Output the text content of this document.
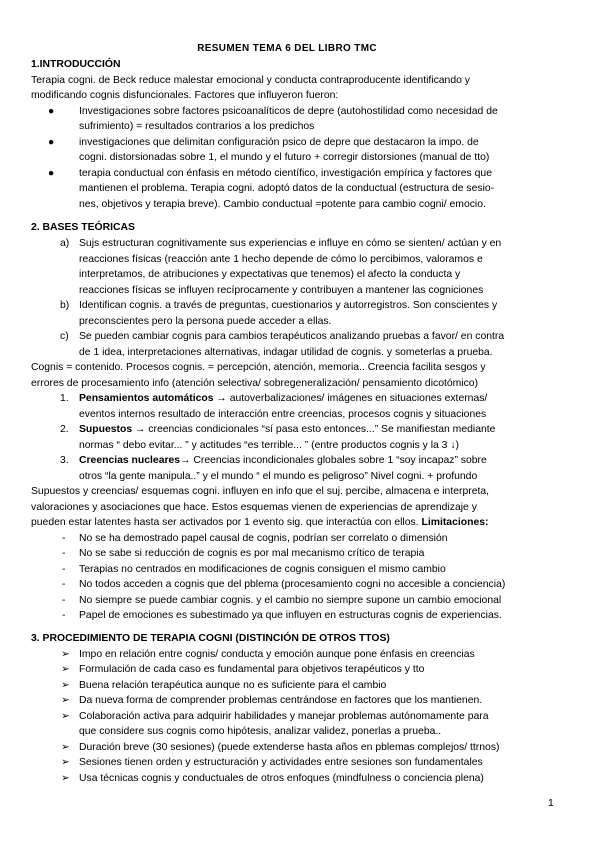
RESUMEN TEMA 6 DEL LIBRO TMC
1.INTRODUCCIÓN
Terapia cogni. de Beck reduce malestar emocional y conducta contraproducente identificando y
modificando cognis disfuncionales. Factores que influyeron fueron:
● Investigaciones sobre factores psicoanalíticos de depre (autohostilidad como necesidad de
sufrimiento) = resultados contrarios a los predichos
● investigaciones que delimitan configuración psico de depre que destacaron la impo. de
cogni. distorsionadas sobre 1, el mundo y el futuro + corregir distorsiones (manual de tto)
● terapia conductual con énfasis en método científico, investigación empírica y factores que
mantienen el problema. Terapia cogni. adoptó datos de la conductual (estructura de sesio-
nes, objetivos y terapia breve). Cambio conductual =potente para cambio cogni/ emocio.
2. BASES TEÓRICAS
a) Sujs estructuran cognitivamente sus experiencias e influye en cómo se sienten/ actúan y en
reacciones físicas (reacción ante 1 hecho depende de cómo lo percibimos, valoramos e
interpretamos, de atribuciones y expectativas que tenemos) el afecto la conducta y
reacciones físicas se influyen recíprocamente y contribuyen a mantener las cogniciones
b) Identifican cognis. a través de preguntas, cuestionarios y autorregistros. Son conscientes y
preconscientes pero la persona puede acceder a ellas.
c) Se pueden cambiar cognis para cambios terapéuticos analizando pruebas a favor/ en contra
de 1 idea, interpretaciones alternativas, indagar utilidad de cognis. y someterlas a prueba.
Cognis = contenido. Procesos cognis. = percepción, atención, memoria.. Creencia facilita sesgos y
errores de procesamiento info (atención selectiva/ sobregeneralización/ pensamiento dicotómico)
1. Pensamientos automáticos → autoverbalizaciones/ imágenes en situaciones externas/
eventos internos resultado de interacción entre creencias, procesos cognis y situaciones
2. Supuestos → creencias condicionales “sí pasa esto entonces...” Se manifiestan mediante
normas “ debo evitar... ” y actitudes “es terrible... ” (entre productos cognis y la 3 ↓)
3. Creencias nucleares→ Creencias incondicionales globales sobre 1 “soy incapaz” sobre
otros “la gente manipula..” y el mundo “ el mundo es peligroso” Nivel cogni. + profundo
Supuestos y creencias/ esquemas cogni. influyen en info que el suj. percibe, almacena e interpreta,
valoraciones y asociaciones que hace. Estos esquemas vienen de experiencias de aprendizaje y
pueden estar latentes hasta ser activados por 1 evento sig. que interactúa con ellos. Limitaciones:
- No se ha demostrado papel causal de cognis, podrían ser correlato o dimensión
- No se sabe si reducción de cognis es por mal mecanismo crítico de terapia
- Terapias no centrados en modificaciones de cognis consiguen el mismo cambio
- No todos acceden a cognis que del pblema (procesamiento cogni no accesible a conciencia)
- No siempre se puede cambiar cognis. y el cambio no siempre supone un cambio emocional
- Papel de emociones es subestimado ya que influyen en estructuras cognis de experiencias.
3. PROCEDIMIENTO DE TERAPIA COGNI (DISTINCIÓN DE OTROS TTOS)
➢ Impo en relación entre cognis/ conducta y emoción aunque pone énfasis en creencias
➢ Formulación de cada caso es fundamental para objetivos terapéuticos y tto
➢ Buena relación terapéutica aunque no es suficiente para el cambio
➢ Da nueva forma de comprender problemas centrándose en factores que los mantienen.
➢ Colaboración activa para adquirir habilidades y manejar problemas autónomamente para
que considere sus cognis como hipótesis, analizar validez, ponerlas a prueba..
➢ Duración breve (30 sesiones) (puede extenderse hasta años en pblemas complejos/ ttrnos)
➢ Sesiones tienen orden y estructuración y actividades entre sesiones son fundamentales
➢ Usa técnicas cognis y conductuales de otros enfoques (mindfulness o conciencia plena)
1
